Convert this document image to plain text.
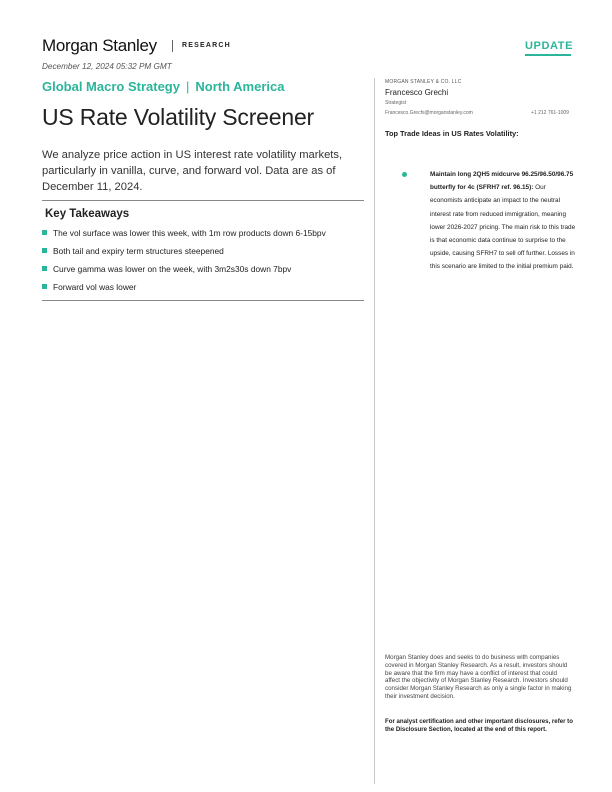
Morgan Stanley	RESEARCH	UPDATE
December 12, 2024 05:32 PM GMT
Global Macro Strategy | North America
US Rate Volatility Screener
We analyze price action in US interest rate volatility markets, particularly in vanilla, curve, and forward vol. Data are as of December 11, 2024.
Key Takeaways
The vol surface was lower this week, with 1m row products down 6-15bpv
Both tail and expiry term structures steepened
Curve gamma was lower on the week, with 3m2s30s down 7bpv
Forward vol was lower
MORGAN STANLEY & CO. LLC
Francesco Grechi
Strategist
Francesco.Grechi@morganstanley.com	+1 212 761-1009
Top Trade Ideas in US Rates Volatility:
Maintain long 2QH5 midcurve 96.25/96.50/96.75 butterfly for 4c (SFRH7 ref. 96.15): Our economists anticipate an impact to the neutral interest rate from reduced immigration, meaning lower 2026-2027 pricing. The main risk to this trade is that economic data continue to surprise to the upside, causing SFRH7 to sell off further. Losses in this scenario are limited to the initial premium paid.
Morgan Stanley does and seeks to do business with companies covered in Morgan Stanley Research. As a result, investors should be aware that the firm may have a conflict of interest that could affect the objectivity of Morgan Stanley Research. Investors should consider Morgan Stanley Research as only a single factor in making their investment decision.
For analyst certification and other important disclosures, refer to the Disclosure Section, located at the end of this report.
